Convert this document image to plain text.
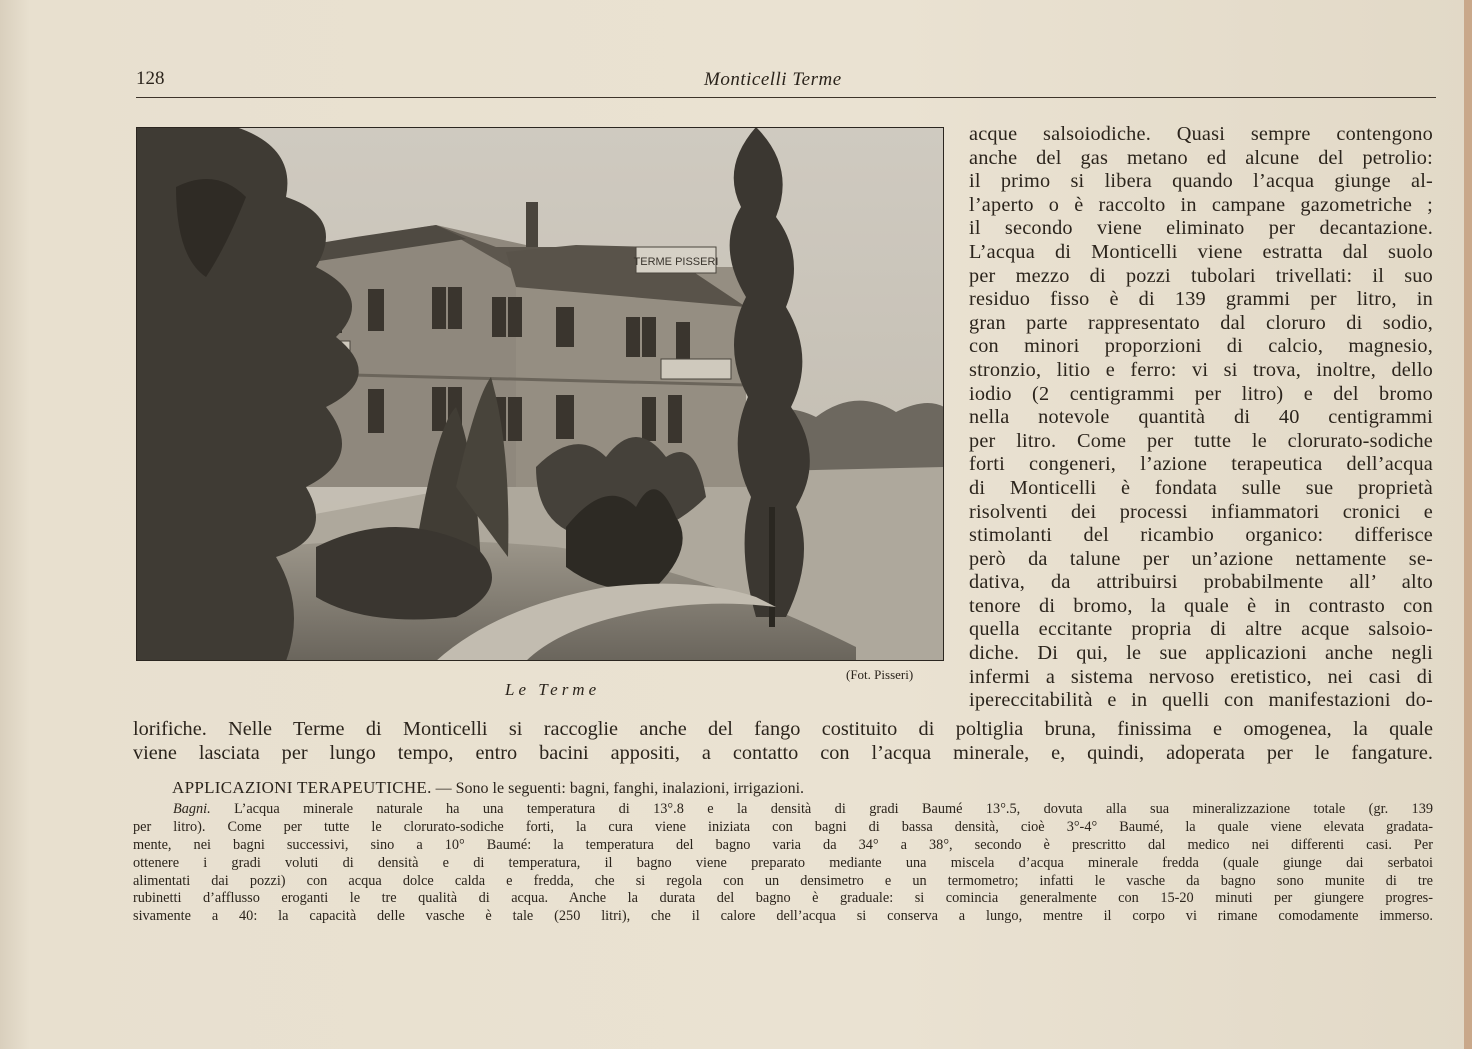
128	Monticelli Terme
TERME PISSERI
Le Terme
(Fot. Pisseri)
acque salsoiodiche. Quasi sempre contengono
anche del gas metano ed alcune del petrolio:
il primo si libera quando l’acqua giunge al-
l’aperto o è raccolto in campane gazometriche ;
il secondo viene eliminato per decantazione.
L’acqua di Monticelli viene estratta dal suolo
per mezzo di pozzi tubolari trivellati: il suo
residuo fisso è di 139 grammi per litro, in
gran parte rappresentato dal cloruro di sodio,
con minori proporzioni di calcio, magnesio,
stronzio, litio e ferro: vi si trova, inoltre, dello
iodio (2 centigrammi per litro) e del bromo
nella notevole quantità di 40 centigrammi
per litro. Come per tutte le clorurato-sodiche
forti congeneri, l’azione terapeutica dell’acqua
di Monticelli è fondata sulle sue proprietà
risolventi dei processi infiammatori cronici e
stimolanti del ricambio organico: differisce
però da talune per un’azione nettamente se-
dativa, da attribuirsi probabilmente all’ alto
tenore di bromo, la quale è in contrasto con
quella eccitante propria di altre acque salsoio-
diche. Di qui, le sue applicazioni anche negli
infermi a sistema nervoso eretistico, nei casi di
ipereccitabilità e in quelli con manifestazioni do-
lorifiche. Nelle Terme di Monticelli si raccoglie anche del fango costituito di poltiglia bruna, finissima e omogenea, la quale
viene lasciata per lungo tempo, entro bacini appositi, a contatto con l’acqua minerale, e, quindi, adoperata per le fangature.
APPLICAZIONI TERAPEUTICHE. — Sono le seguenti: bagni, fanghi, inalazioni, irrigazioni.
Bagni. L’acqua minerale naturale ha una temperatura di 13°.8 e la densità di gradi Baumé 13°.5, dovuta alla sua mineralizzazione totale (gr. 139
per litro). Come per tutte le clorurato-sodiche forti, la cura viene iniziata con bagni di bassa densità, cioè 3°-4° Baumé, la quale viene elevata gradata-
mente, nei bagni successivi, sino a 10° Baumé: la temperatura del bagno varia da 34° a 38°, secondo è prescritto dal medico nei differenti casi. Per
ottenere i gradi voluti di densità e di temperatura, il bagno viene preparato mediante una miscela d’acqua minerale fredda (quale giunge dai serbatoi
alimentati dai pozzi) con acqua dolce calda e fredda, che si regola con un densimetro e un termometro; infatti le vasche da bagno sono munite di tre
rubinetti d’afflusso eroganti le tre qualità di acqua. Anche la durata del bagno è graduale: si comincia generalmente con 15-20 minuti per giungere progres-
sivamente a 40: la capacità delle vasche è tale (250 litri), che il calore dell’acqua si conserva a lungo, mentre il corpo vi rimane comodamente immerso.
